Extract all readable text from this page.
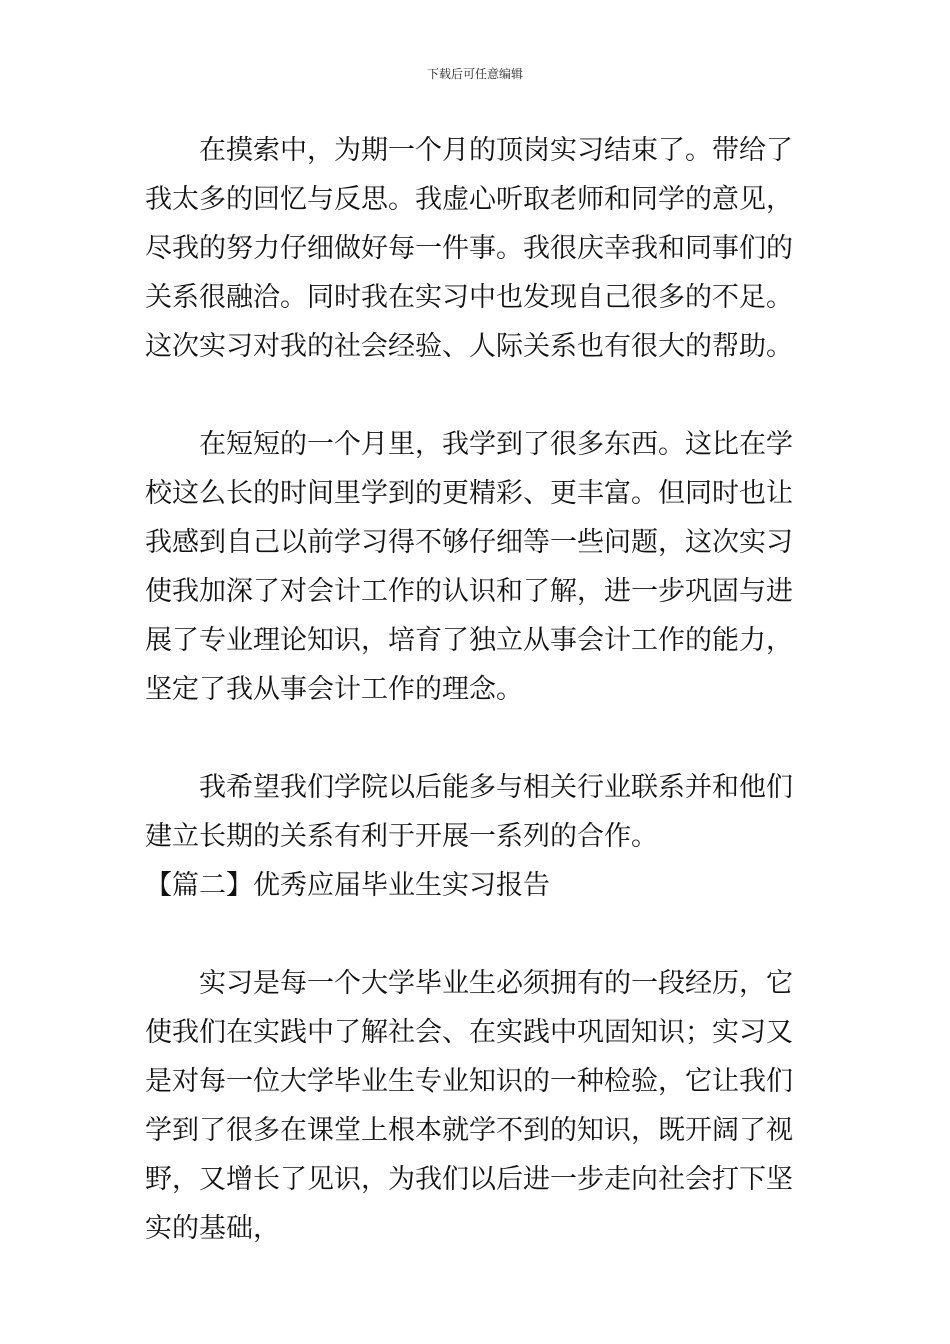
下载后可任意编辑

在摸索中，为期一个月的顶岗实习结束了。带给了我太多的回忆与反思。我虚心听取老师和同学的意见，尽我的努力仔细做好每一件事。我很庆幸我和同事们的关系很融洽。同时我在实习中也发现自己很多的不足。这次实习对我的社会经验、人际关系也有很大的帮助。

在短短的一个月里，我学到了很多东西。这比在学校这么长的时间里学到的更精彩、更丰富。但同时也让我感到自己以前学习得不够仔细等一些问题，这次实习使我加深了对会计工作的认识和了解，进一步巩固与进展了专业理论知识，培育了独立从事会计工作的能力，坚定了我从事会计工作的理念。

我希望我们学院以后能多与相关行业联系并和他们建立长期的关系有利于开展一系列的合作。

【篇二】优秀应届毕业生实习报告

实习是每一个大学毕业生必须拥有的一段经历，它使我们在实践中了解社会、在实践中巩固知识；实习又是对每一位大学毕业生专业知识的一种检验，它让我们学到了很多在课堂上根本就学不到的知识，既开阔了视野，又增长了见识，为我们以后进一步走向社会打下坚实的基础，
